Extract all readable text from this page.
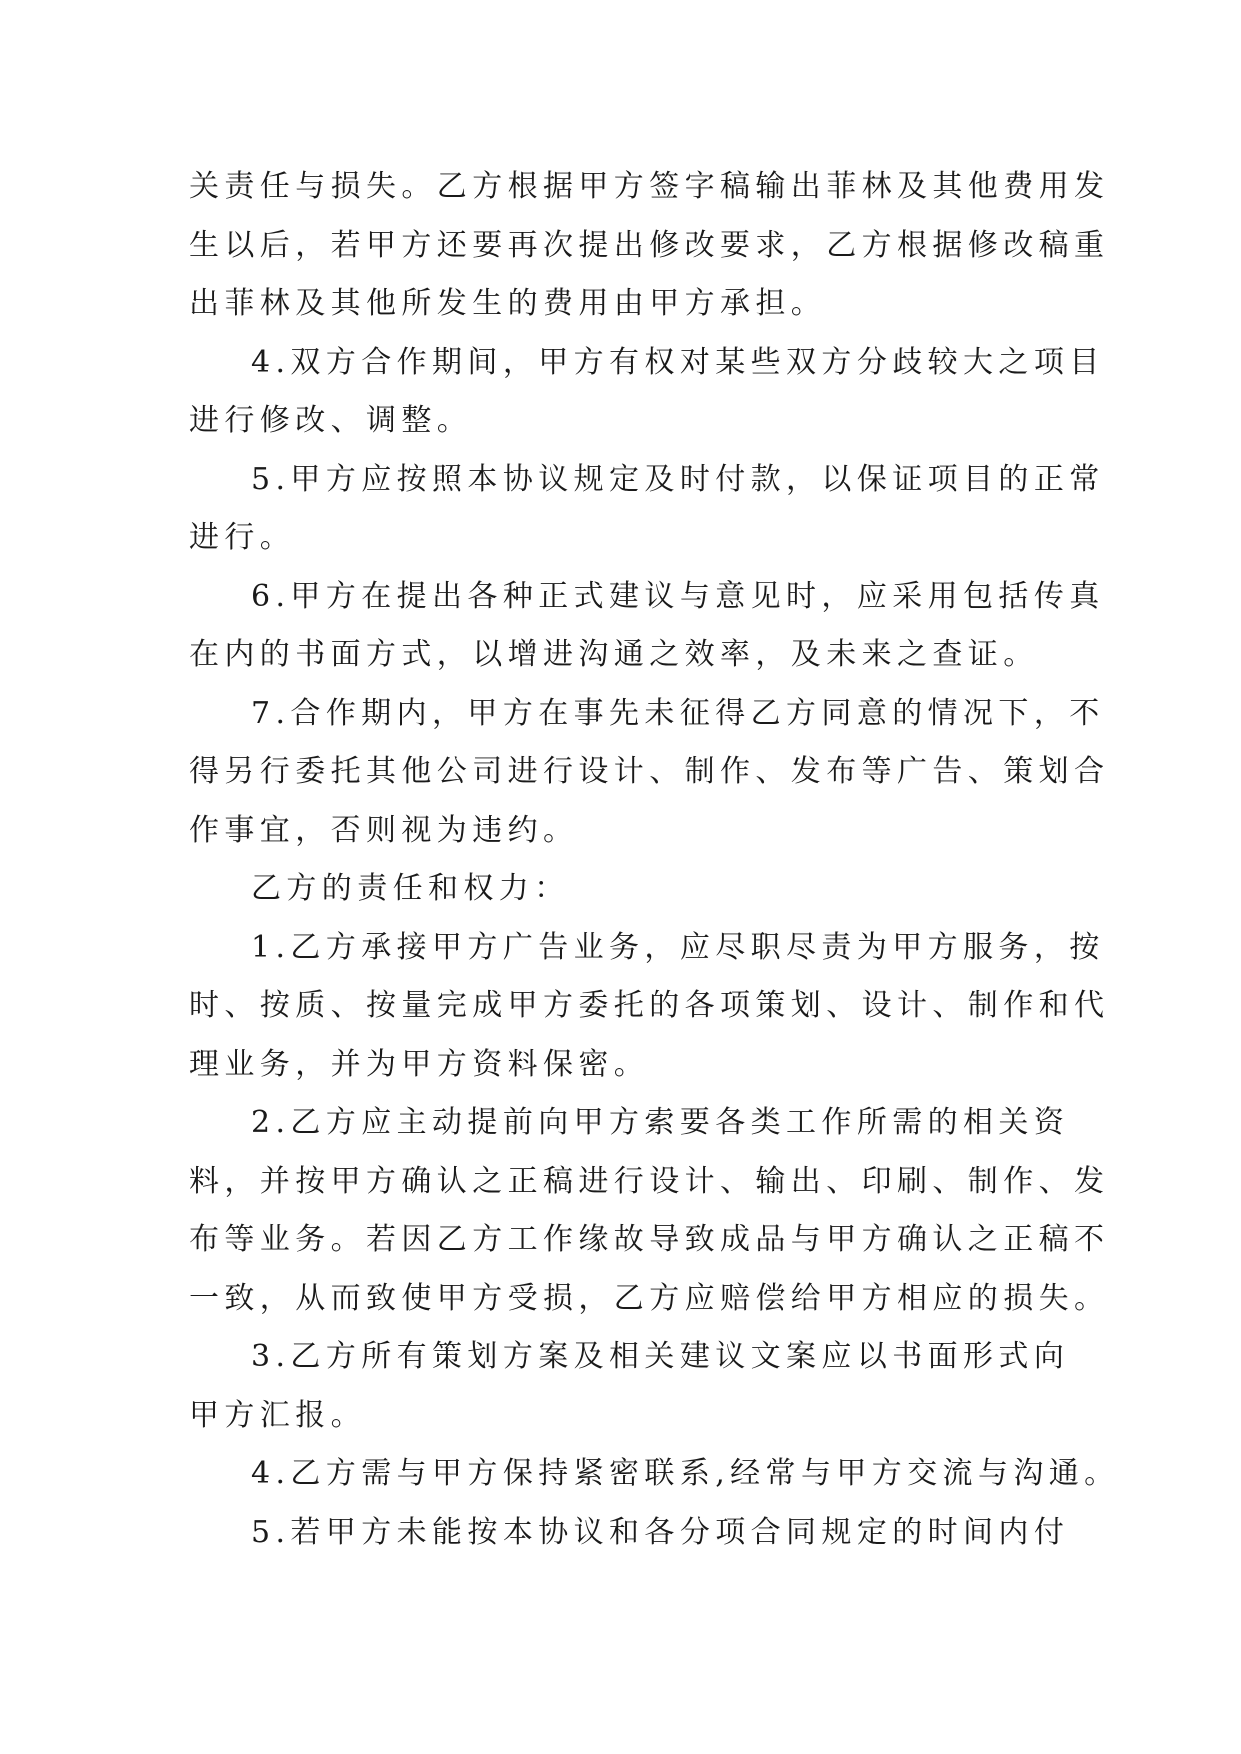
关责任与损失。乙方根据甲方签字稿输出菲林及其他费用发
生以后，若甲方还要再次提出修改要求，乙方根据修改稿重
出菲林及其他所发生的费用由甲方承担。
4.双方合作期间，甲方有权对某些双方分歧较大之项目
进行修改、调整。
5.甲方应按照本协议规定及时付款，以保证项目的正常
进行。
6.甲方在提出各种正式建议与意见时，应采用包括传真
在内的书面方式，以增进沟通之效率，及未来之查证。
7.合作期内，甲方在事先未征得乙方同意的情况下，不
得另行委托其他公司进行设计、制作、发布等广告、策划合
作事宜，否则视为违约。
乙方的责任和权力：
1.乙方承接甲方广告业务，应尽职尽责为甲方服务，按
时、按质、按量完成甲方委托的各项策划、设计、制作和代
理业务，并为甲方资料保密。
2.乙方应主动提前向甲方索要各类工作所需的相关资
料，并按甲方确认之正稿进行设计、输出、印刷、制作、发
布等业务。若因乙方工作缘故导致成品与甲方确认之正稿不
一致，从而致使甲方受损，乙方应赔偿给甲方相应的损失。
3.乙方所有策划方案及相关建议文案应以书面形式向
甲方汇报。
4.乙方需与甲方保持紧密联系,经常与甲方交流与沟通。
5.若甲方未能按本协议和各分项合同规定的时间内付
